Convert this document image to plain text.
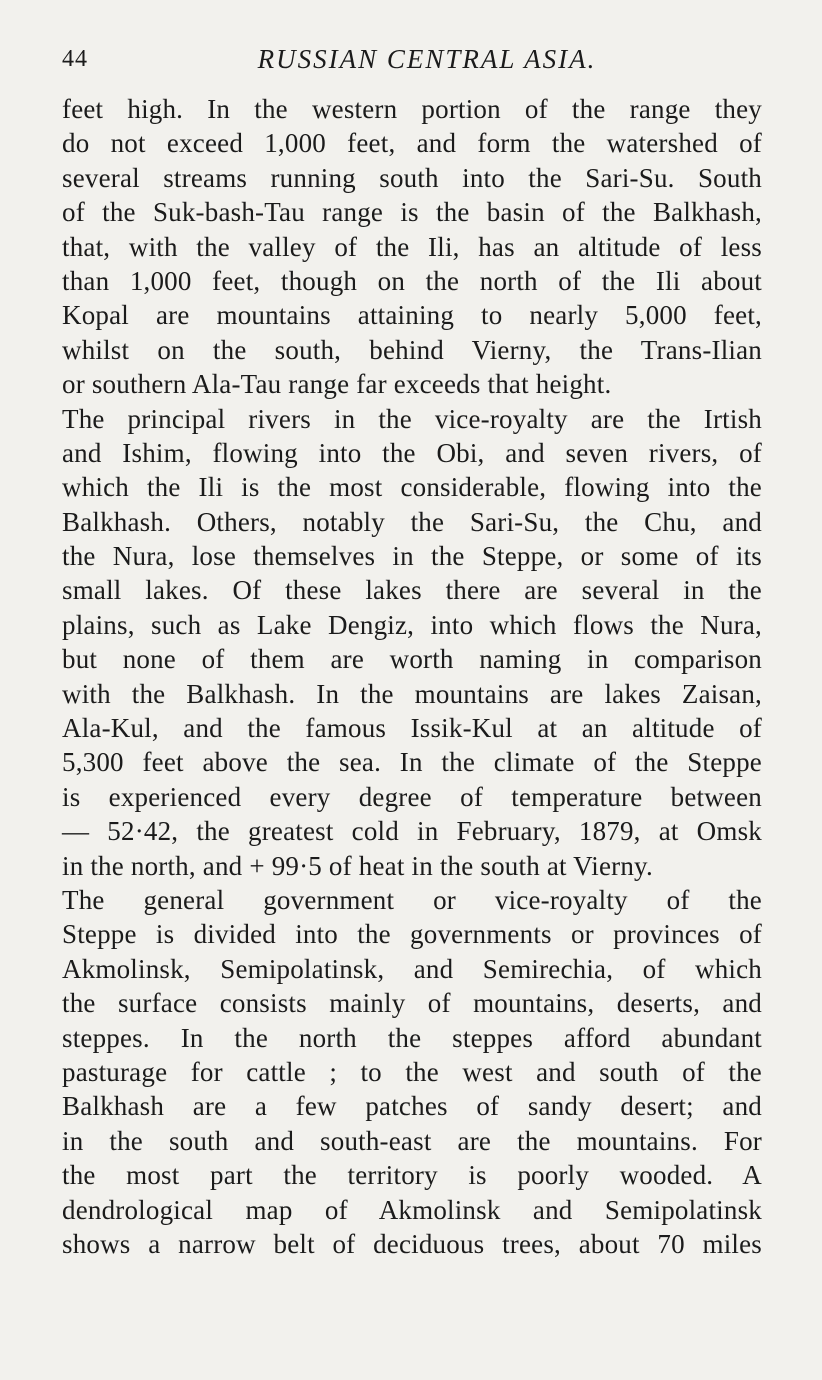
44	RUSSIAN CENTRAL ASIA.
feet high. In the western portion of the range they
do not exceed 1,000 feet, and form the watershed of
several streams running south into the Sari-Su. South
of the Suk-bash-Tau range is the basin of the Balkhash,
that, with the valley of the Ili, has an altitude of less
than 1,000 feet, though on the north of the Ili about
Kopal are mountains attaining to nearly 5,000 feet,
whilst on the south, behind Vierny, the Trans-Ilian
or southern Ala-Tau range far exceeds that height.
The principal rivers in the vice-royalty are the Irtish
and Ishim, flowing into the Obi, and seven rivers, of
which the Ili is the most considerable, flowing into the
Balkhash. Others, notably the Sari-Su, the Chu, and
the Nura, lose themselves in the Steppe, or some of its
small lakes. Of these lakes there are several in the
plains, such as Lake Dengiz, into which flows the Nura,
but none of them are worth naming in comparison
with the Balkhash. In the mountains are lakes Zaisan,
Ala-Kul, and the famous Issik-Kul at an altitude of
5,300 feet above the sea. In the climate of the Steppe
is experienced every degree of temperature between
— 52·42, the greatest cold in February, 1879, at Omsk
in the north, and + 99·5 of heat in the south at Vierny.
The general government or vice-royalty of the
Steppe is divided into the governments or provinces of
Akmolinsk, Semipolatinsk, and Semirechia, of which
the surface consists mainly of mountains, deserts, and
steppes. In the north the steppes afford abundant
pasturage for cattle ; to the west and south of the
Balkhash are a few patches of sandy desert; and
in the south and south-east are the mountains. For
the most part the territory is poorly wooded. A
dendrological map of Akmolinsk and Semipolatinsk
shows a narrow belt of deciduous trees, about 70 miles
